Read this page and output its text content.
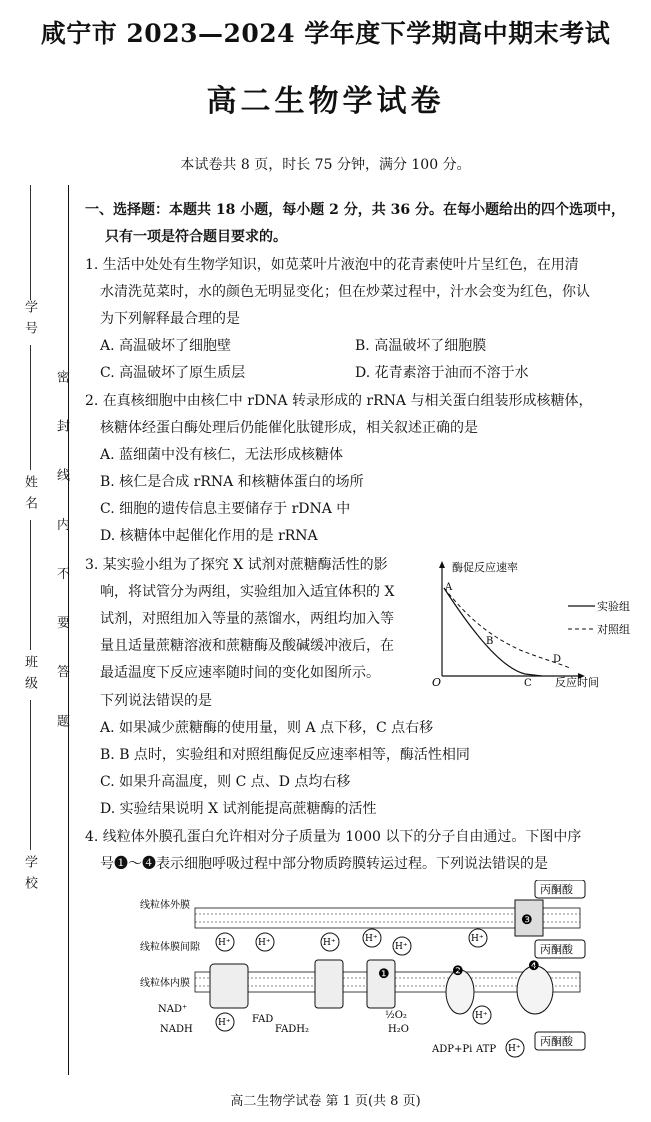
咸宁市 2023—2024 学年度下学期高中期末考试
高二生物学试卷
本试卷共 8 页，时长 75 分钟，满分 100 分。
学 号
姓 名
班 级
学 校
密 封 线 内 不 要 答 题
一、选择题：本题共 18 小题，每小题 2 分，共 36 分。在每小题给出的四个选项中，
只有一项是符合题目要求的。
1. 生活中处处有生物学知识，如苋菜叶片液泡中的花青素使叶片呈红色，在用清
水清洗苋菜时，水的颜色无明显变化；但在炒菜过程中，汁水会变为红色，你认
为下列解释最合理的是
A. 高温破坏了细胞壁	B. 高温破坏了细胞膜
C. 高温破坏了原生质层	D. 花青素溶于油而不溶于水
2. 在真核细胞中由核仁中 rDNA 转录形成的 rRNA 与相关蛋白组装形成核糖体，
核糖体经蛋白酶处理后仍能催化肽键形成，相关叙述正确的是
A. 蓝细菌中没有核仁，无法形成核糖体
B. 核仁是合成 rRNA 和核糖体蛋白的场所
C. 细胞的遗传信息主要储存于 rDNA 中
D. 核糖体中起催化作用的是 rRNA
3. 某实验小组为了探究 X 试剂对蔗糖酶活性的影
响，将试管分为两组，实验组加入适宜体积的 X
试剂，对照组加入等量的蒸馏水，两组均加入等
量且适量蔗糖溶液和蔗糖酶及酸碱缓冲液后，在
最适温度下反应速率随时间的变化如图所示。
下列说法错误的是
酶促反应速率
O
A
B
C
D
反应时间
实验组
对照组
A. 如果减少蔗糖酶的使用量，则 A 点下移，C 点右移
B. B 点时，实验组和对照组酶促反应速率相等，酶活性相同
C. 如果升高温度，则 C 点、D 点均右移
D. 实验结果说明 X 试剂能提高蔗糖酶的活性
4. 线粒体外膜孔蛋白允许相对分子质量为 1000 以下的分子自由通过。下图中序
号❶～❹表示细胞呼吸过程中部分物质跨膜转运过程。下列说法错误的是
❸
❷	❹
❶
线粒体外膜
线粒体膜间隙
线粒体内膜
丙酮酸
丙酮酸
丙酮酸
H⁺	H⁺	H⁺	H⁺
H⁺
H⁺
H⁺
H⁺
H⁺
NAD⁺
NADH
FAD
FADH₂
½O₂
H₂O
ADP+Pi ATP
高二生物学试卷 第 1 页(共 8 页)
